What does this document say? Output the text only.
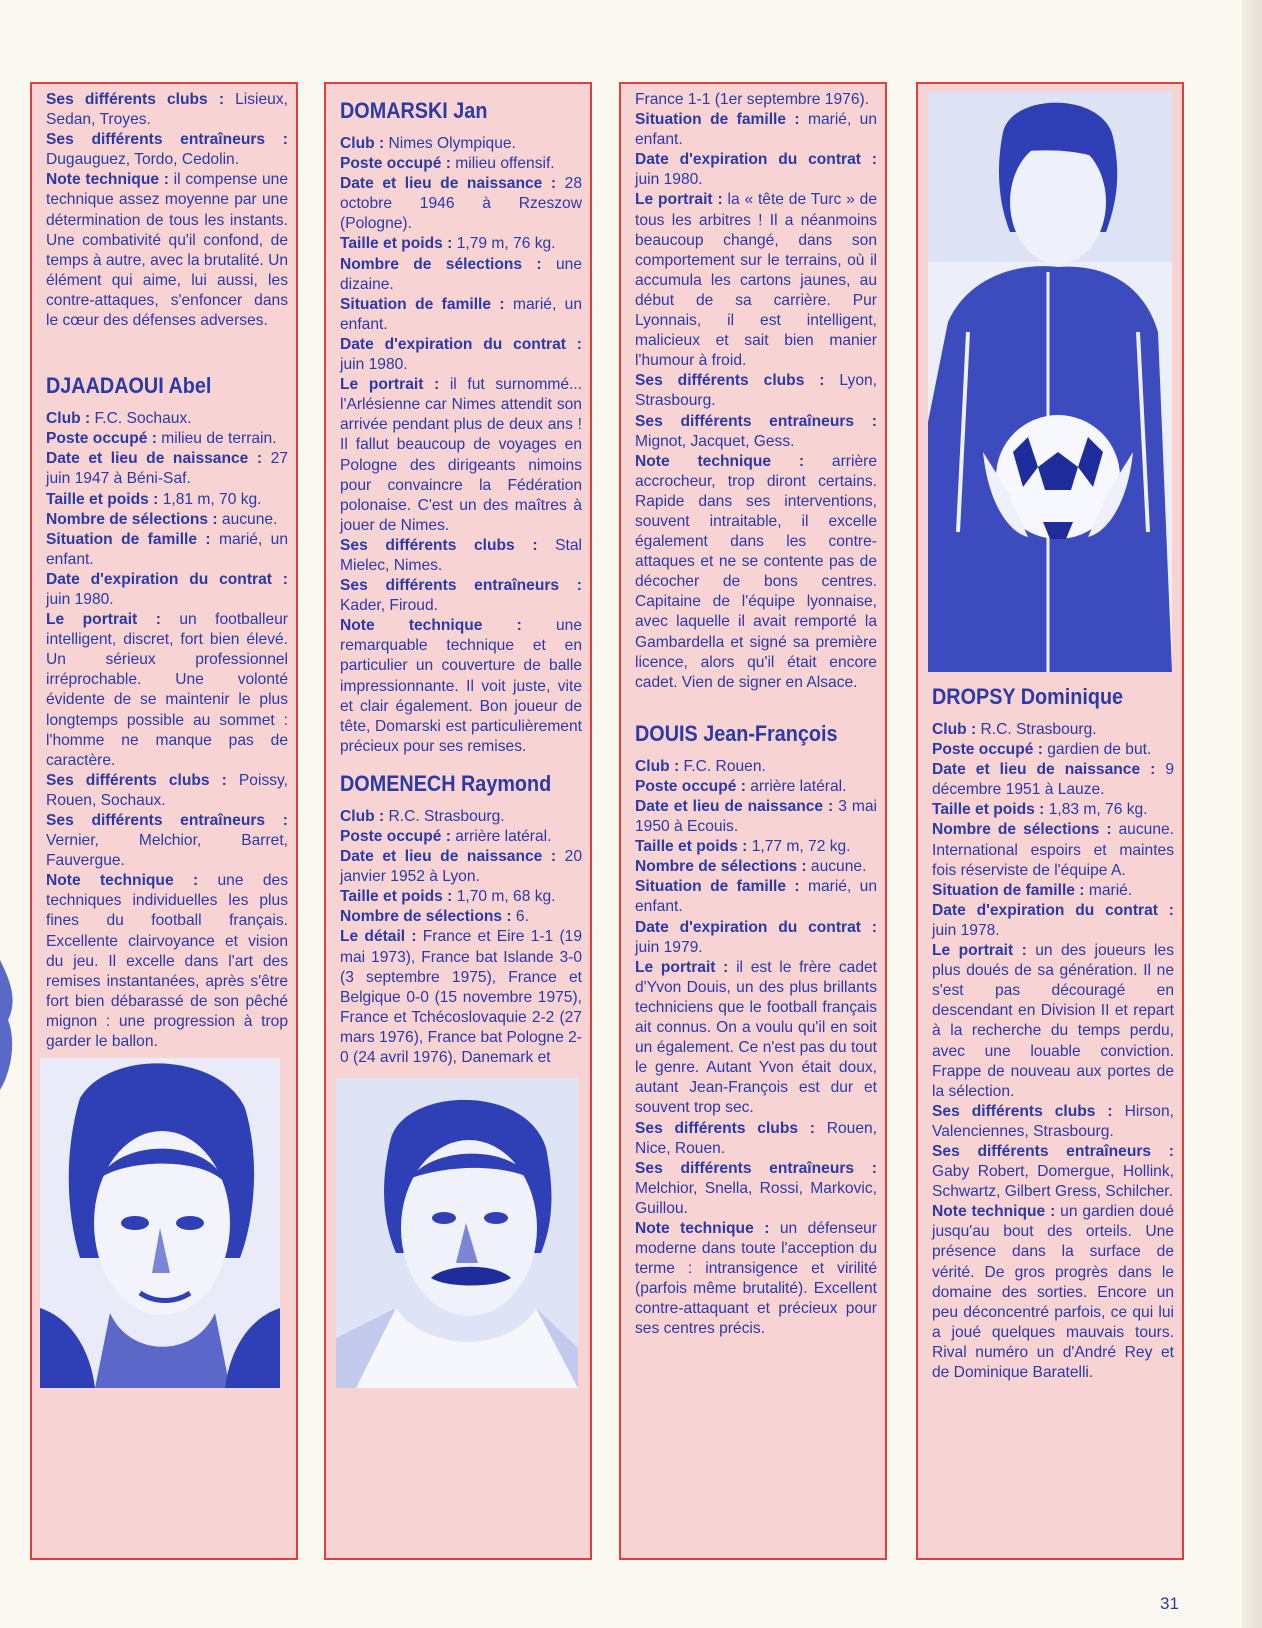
Ses différents clubs : Lisieux, Sedan, Troyes.

Ses différents entraîneurs : Dugauguez, Tordo, Cedolin.

Note technique : il compense une technique assez moyenne par une détermination de tous les instants. Une combativité qu'il confond, de temps à autre, avec la brutalité. Un élément qui aime, lui aussi, les contre-attaques, s'enfoncer dans le cœur des défenses adverses.

DJAADAOUI Abel

Club : F.C. Sochaux.

Poste occupé : milieu de terrain.

Date et lieu de naissance : 27 juin 1947 à Béni-Saf.

Taille et poids : 1,81 m, 70 kg.

Nombre de sélections : aucune.

Situation de famille : marié, un enfant.

Date d'expiration du contrat : juin 1980.

Le portrait : un footballeur intelligent, discret, fort bien élevé. Un sérieux professionnel irréprochable. Une volonté évidente de se maintenir le plus longtemps possible au sommet : l'homme ne manque pas de caractère.

Ses différents clubs : Poissy, Rouen, Sochaux.

Ses différents entraîneurs : Vernier, Melchior, Barret, Fauvergue.

Note technique : une des techniques individuelles les plus fines du football français. Excellente clairvoyance et vision du jeu. Il excelle dans l'art des remises instantanées, après s'être fort bien débarassé de son pêché mignon : une progression à trop garder le ballon.

DOMARSKI Jan

Club : Nimes Olympique.

Poste occupé : milieu offensif.

Date et lieu de naissance : 28 octobre 1946 à Rzeszow (Pologne).

Taille et poids : 1,79 m, 76 kg.

Nombre de sélections : une dizaine.

Situation de famille : marié, un enfant.

Date d'expiration du contrat : juin 1980.

Le portrait : il fut surnommé... l'Arlésienne car Nimes attendit son arrivée pendant plus de deux ans ! Il fallut beaucoup de voyages en Pologne des dirigeants nimoins pour convaincre la Fédération polonaise. C'est un des maîtres à jouer de Nimes.

Ses différents clubs : Stal Mielec, Nimes.

Ses différents entraîneurs : Kader, Firoud.

Note technique : une remarquable technique et en particulier un couverture de balle impressionnante. Il voit juste, vite et clair également. Bon joueur de tête, Domarski est particulièrement précieux pour ses remises.

DOMENECH Raymond

Club : R.C. Strasbourg.

Poste occupé : arrière latéral.

Date et lieu de naissance : 20 janvier 1952 à Lyon.

Taille et poids : 1,70 m, 68 kg.

Nombre de sélections : 6.

Le détail : France et Eire 1-1 (19 mai 1973), France bat Islande 3-0 (3 septembre 1975), France et Belgique 0-0 (15 novembre 1975), France et Tchécoslovaquie 2-2 (27 mars 1976), France bat Pologne 2-0 (24 avril 1976), Danemark et

France 1-1 (1er septembre 1976).

Situation de famille : marié, un enfant.

Date d'expiration du contrat : juin 1980.

Le portrait : la « tête de Turc » de tous les arbitres ! Il a néanmoins beaucoup changé, dans son comportement sur le terrains, où il accumula les cartons jaunes, au début de sa carrière. Pur Lyonnais, il est intelligent, malicieux et sait bien manier l'humour à froid.

Ses différents clubs : Lyon, Strasbourg.

Ses différents entraîneurs : Mignot, Jacquet, Gess.

Note technique : arrière accrocheur, trop diront certains. Rapide dans ses interventions, souvent intraitable, il excelle également dans les contre-attaques et ne se contente pas de décocher de bons centres. Capitaine de l'équipe lyonnaise, avec laquelle il avait remporté la Gambardella et signé sa première licence, alors qu'il était encore cadet. Vien de signer en Alsace.

DOUIS Jean-François

Club : F.C. Rouen.

Poste occupé : arrière latéral.

Date et lieu de naissance : 3 mai 1950 à Ecouis.

Taille et poids : 1,77 m, 72 kg.

Nombre de sélections : aucune.

Situation de famille : marié, un enfant.

Date d'expiration du contrat : juin 1979.

Le portrait : il est le frère cadet d'Yvon Douis, un des plus brillants techniciens que le football français ait connus. On a voulu qu'il en soit un également. Ce n'est pas du tout le genre. Autant Yvon était doux, autant Jean-François est dur et souvent trop sec.

Ses différents clubs : Rouen, Nice, Rouen.

Ses différents entraîneurs : Melchior, Snella, Rossi, Markovic, Guillou.

Note technique : un défenseur moderne dans toute l'acception du terme : intransigence et virilité (parfois même brutalité). Excellent contre-attaquant et précieux pour ses centres précis.

DROPSY Dominique

Club : R.C. Strasbourg.

Poste occupé : gardien de but.

Date et lieu de naissance : 9 décembre 1951 à Lauze.

Taille et poids : 1,83 m, 76 kg.

Nombre de sélections : aucune. International espoirs et maintes fois réserviste de l'équipe A.

Situation de famille : marié.

Date d'expiration du contrat : juin 1978.

Le portrait : un des joueurs les plus doués de sa génération. Il ne s'est pas découragé en descendant en Division II et repart à la recherche du temps perdu, avec une louable conviction. Frappe de nouveau aux portes de la sélection.

Ses différents clubs : Hirson, Valenciennes, Strasbourg.

Ses différents entraîneurs : Gaby Robert, Domergue, Hollink, Schwartz, Gilbert Gress, Schilcher.

Note technique : un gardien doué jusqu'au bout des orteils. Une présence dans la surface de vérité. De gros progrès dans le domaine des sorties. Encore un peu déconcentré parfois, ce qui lui a joué quelques mauvais tours. Rival numéro un d'André Rey et de Dominique Baratelli.

31
